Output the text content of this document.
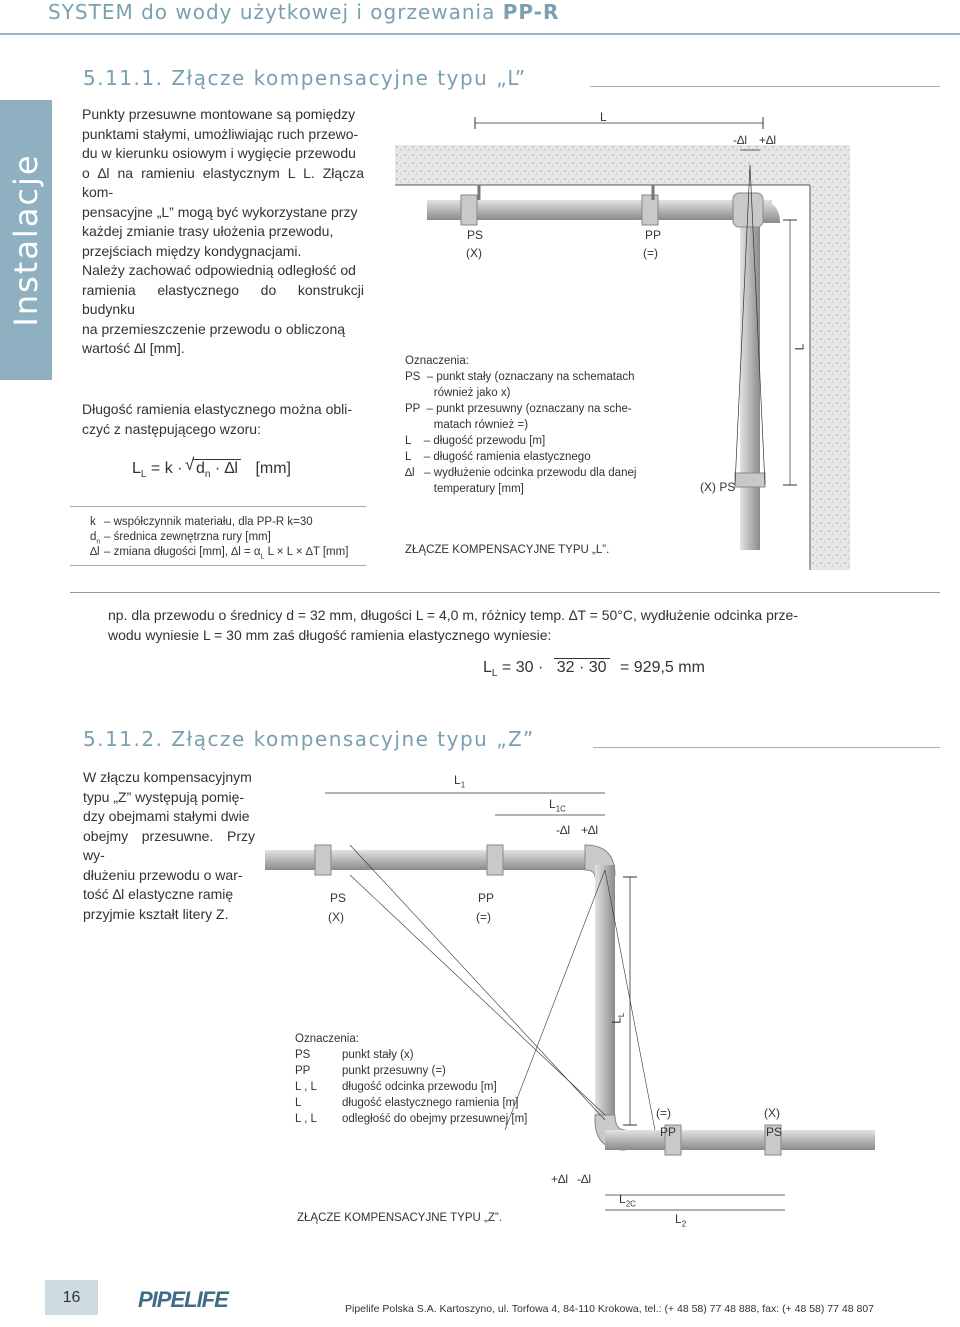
SYSTEM do wody użytkowej i ogrzewania PP-R
Instalacje
5.11.1. Złącze kompensacyjne typu „L”
Punkty przesuwne montowane są pomiędzy
punktami stałymi, umożliwiając ruch przewo-
du w kierunku osiowym i wygięcie przewodu
o ∆l na ramieniu elastycznym L L. Złącza kom-
pensacyjne „L” mogą być wykorzystane przy
każdej zmianie trasy ułożenia przewodu,
przejściach między kondygnacjami.
Należy zachować odpowiednią odległość od
ramienia elastycznego do konstrukcji budynku
na przemieszczenie przewodu o obliczoną
wartość ∆l [mm].
Długość ramienia elastycznego można obli-
czyć z następującego wzoru:
$L_L = k$ · √ $d_n \cdot \Delta l$ [mm]
k – współczynnik materiału, dla PP-R k=30
$d_n$ – średnica zewnętrzna rury [mm]
∆l – zmiana długości [mm], $\Delta l = \alpha_L$ L × L × ∆T [mm]
L
-∆l +∆l
PS
(X)
PP
(=)
L
(X) PS
Oznaczenia:
PS  – punkt stały (oznaczany na schematach
również jako x)
PP  – punkt przesuwny (oznaczany na sche-
matach również =)
L    – długość przewodu [m]
L    – długość ramienia elastycznego
∆l   – wydłużenie odcinka przewodu dla danej
temperatury [mm]
ZŁĄCZE KOMPENSACYJNE TYPU „L”.
np. dla przewodu o średnicy d = 32 mm, długości L = 4,0 m, różnicy temp. ∆T = 50°C, wydłużenie odcinka prze-
wodu wyniesie L = 30 mm zaś długość ramienia elastycznego wyniesie:
$L_L = 30 \cdot 32 \cdot 30 = 929,5$ mm
5.11.2. Złącze kompensacyjne typu „Z”
W złączu kompensacyjnym
typu „Z” występują pomię-
dzy obejmami stałymi dwie
obejmy przesuwne. Przy wy-
dłużeniu przewodu o war-
tość ∆l elastyczne ramię
przyjmie kształt litery Z.
$L_1$
$L_{1C}$
-∆l +∆l
PS
(X)
PP
(=)
$L_L$
(=)
PP
(X)
PS
+∆l -∆l
$L_{2C}$
$L_2$
Oznaczenia:
PS	punkt stały (x)
PP	punkt przesuwny (=)
L , L długość odcinka przewodu [m]
L	długość elastycznego ramienia [m]
L , L odległość do obejmy przesuwnej [m]
ZŁĄCZE KOMPENSACYJNE TYPU „Z”.
16	PIPELIFE	Pipelife Polska S.A. Kartoszyno, ul. Torfowa 4, 84-110 Krokowa, tel.: (+ 48 58) 77 48 888, fax: (+ 48 58) 77 48 807
